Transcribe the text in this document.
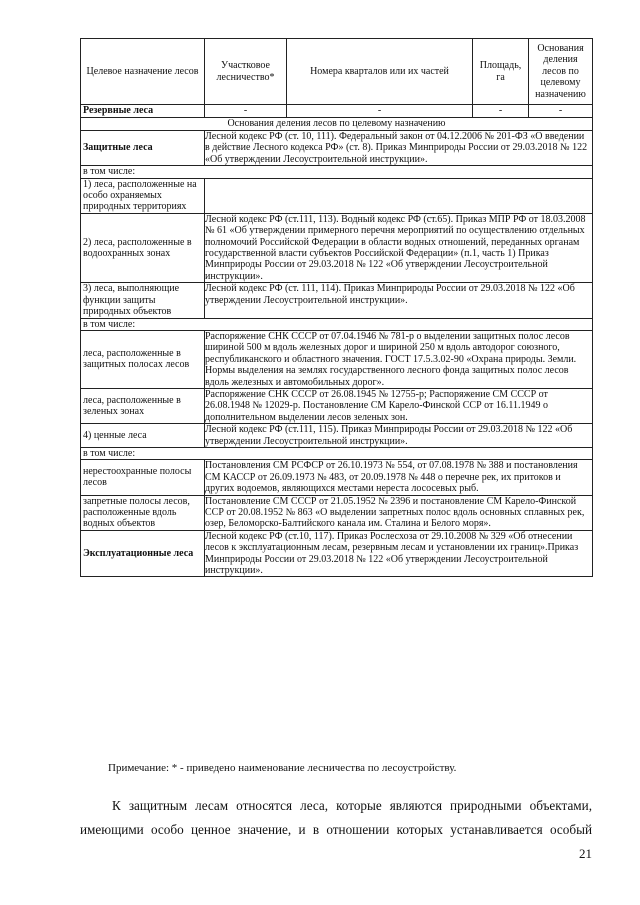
Целевое назначение лесов	Участковое лесничество*	Номера кварталов или их частей	Площадь, га	Основания деления лесов по целевому назначению
Резервные леса	-	-	-	-
Основания деления лесов по целевому назначению				
Защитные леса	Лесной кодекс РФ (ст. 10, 111). Федеральный закон от 04.12.2006 № 201-ФЗ «О введении в действие Лесного кодекса РФ» (ст. 8). Приказ Минприроды России от 29.03.2018 № 122 «Об утверждении Лесоустроительной инструкции».			
в том числе:				
1) леса, расположенные на особо охраняемых природных территориях				
2) леса, расположенные в водоохранных зонах	Лесной кодекс РФ (ст.111, 113). Водный кодекс РФ (ст.65). Приказ МПР РФ от 18.03.2008 № 61 «Об утверждении примерного перечня мероприятий по осуществлению отдельных полномочий Российской Федерации в области водных отношений, переданных органам государственной власти субъектов Российской Федерации» (п.1, часть 1) Приказ Минприроды России от 29.03.2018 № 122 «Об утверждении Лесоустроительной инструкции».			
3) леса, выполняющие функции защиты природных объектов	Лесной кодекс РФ (ст. 111, 114). Приказ Минприроды России от 29.03.2018 № 122 «Об утверждении Лесоустроительной инструкции».			
в том числе:				
леса, расположенные в защитных полосах лесов	Распоряжение СНК СССР от 07.04.1946 № 781-р о выделении защитных полос лесов шириной 500 м вдоль железных дорог и шириной 250 м вдоль автодорог союзного, республиканского и областного значения. ГОСТ 17.5.3.02-90 «Охрана природы. Земли. Нормы выделения на землях государственного лесного фонда защитных полос лесов вдоль железных и автомобильных дорог».			
леса, расположенные в зеленых зонах	Распоряжение СНК СССР от 26.08.1945 № 12755-р; Распоряжение СМ СССР от 26.08.1948 № 12029-р. Постановление СМ Карело-Финской ССР от 16.11.1949 о дополнительном выделении лесов зеленых зон.			
4) ценные леса	Лесной кодекс РФ (ст.111, 115). Приказ Минприроды России от 29.03.2018 № 122 «Об утверждении Лесоустроительной инструкции».			
в том числе:				
нерестоохранные полосы лесов	Постановления СМ РСФСР от 26.10.1973 № 554, от 07.08.1978 № 388 и постановления СМ КАССР от 26.09.1973 № 483, от 20.09.1978 № 448 о перечне рек, их притоков и других водоемов, являющихся местами нереста лососевых рыб.			
запретные полосы лесов, расположенные вдоль водных объектов	Постановление СМ СССР от 21.05.1952 № 2396 и постановление СМ Карело-Финской ССР от 20.08.1952 № 863 «О выделении запретных полос вдоль основных сплавных рек, озер, Беломорско-Балтийского канала им. Сталина и Белого моря».			
Эксплуатационные леса	Лесной кодекс РФ (ст.10, 117). Приказ Рослесхоза от 29.10.2008 № 329 «Об отнесении лесов к эксплуатационным лесам, резервным лесам и установлении их границ».Приказ Минприроды России от 29.03.2018 № 122 «Об утверждении Лесоустроительной инструкции».			
Примечание: * - приведено наименование лесничества по лесоустройству.

К защитным лесам относятся леса, которые являются природными объектами,
имеющими особо ценное значение, и в отношении которых устанавливается особый

21
